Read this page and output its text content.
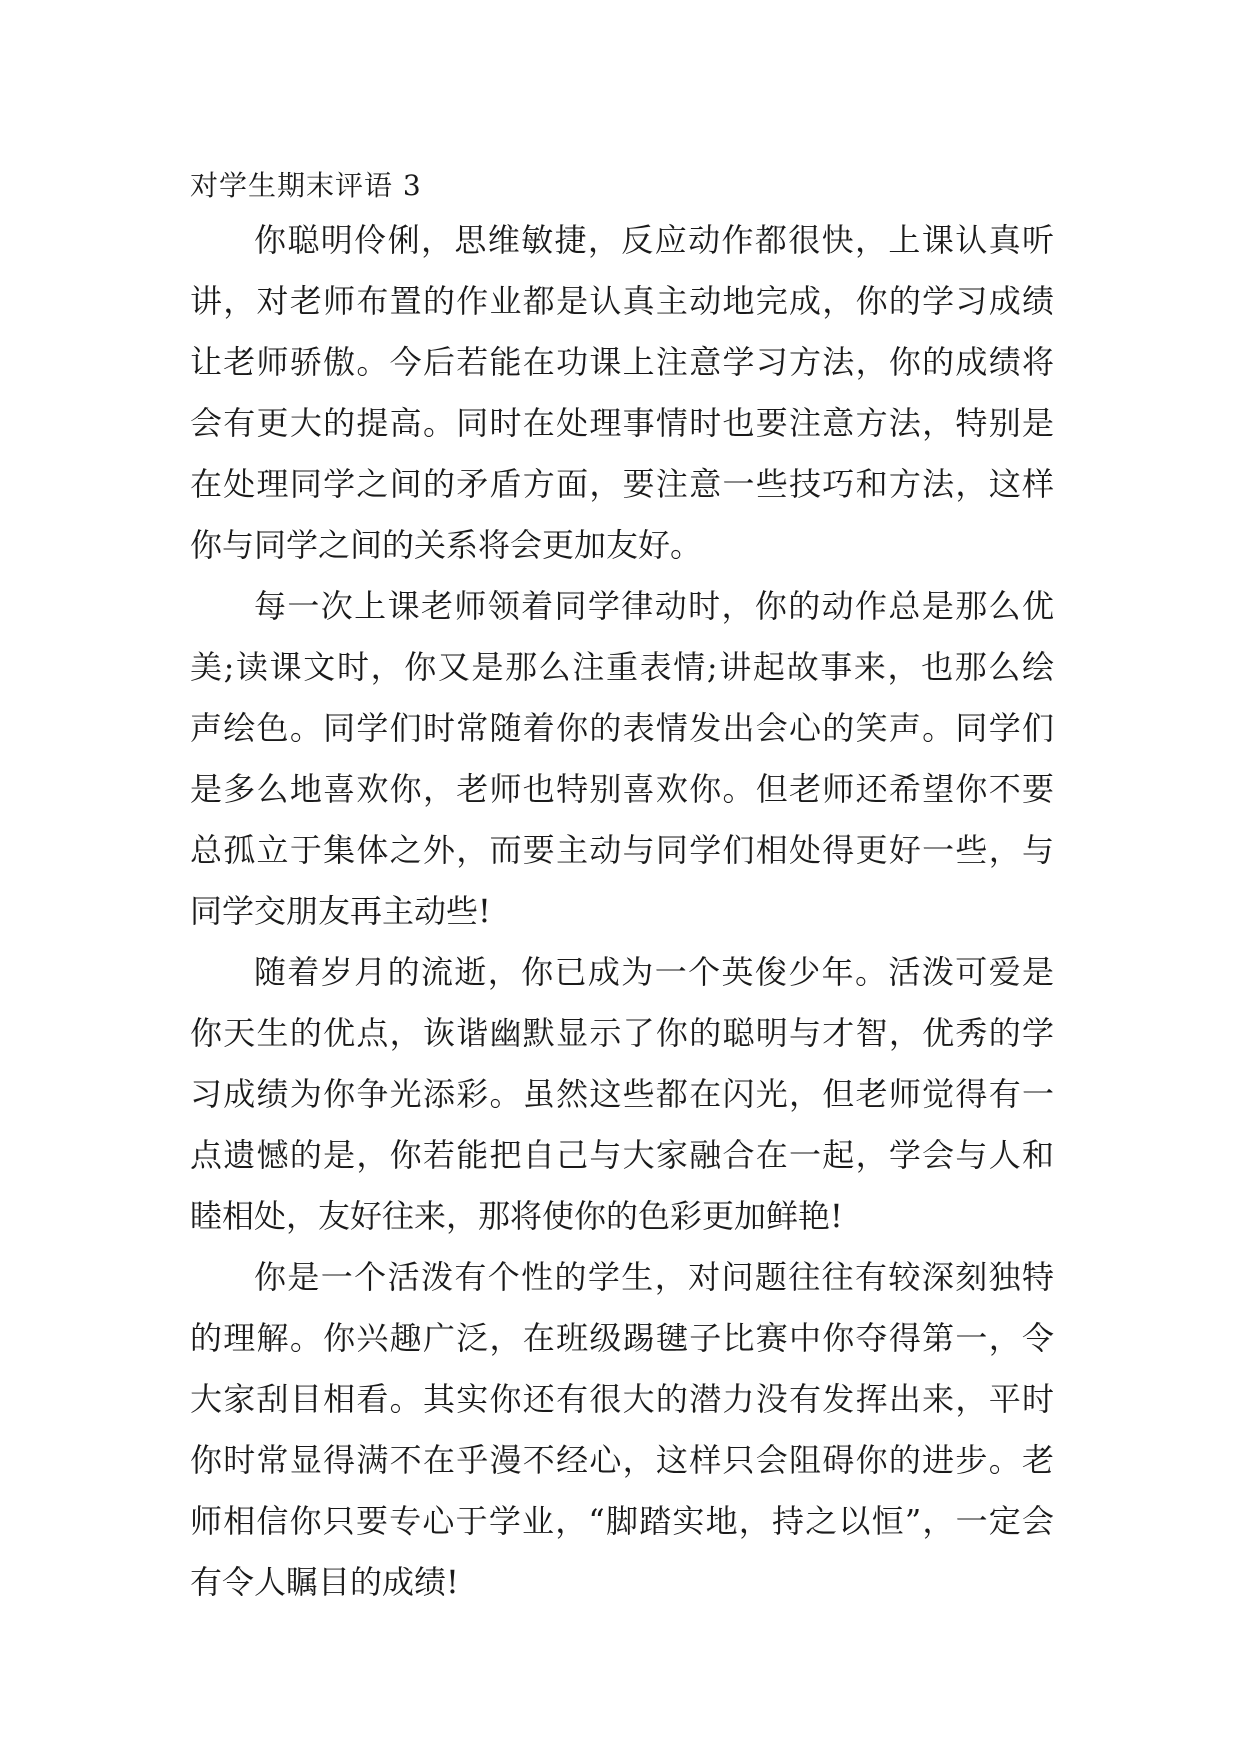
对学生期末评语 3
你聪明伶俐，思维敏捷，反应动作都很快，上课认真听
讲，对老师布置的作业都是认真主动地完成，你的学习成绩
让老师骄傲。今后若能在功课上注意学习方法，你的成绩将
会有更大的提高。同时在处理事情时也要注意方法，特别是
在处理同学之间的矛盾方面，要注意一些技巧和方法，这样
你与同学之间的关系将会更加友好。
每一次上课老师领着同学律动时，你的动作总是那么优
美;读课文时，你又是那么注重表情;讲起故事来，也那么绘
声绘色。同学们时常随着你的表情发出会心的笑声。同学们
是多么地喜欢你，老师也特别喜欢你。但老师还希望你不要
总孤立于集体之外，而要主动与同学们相处得更好一些，与
同学交朋友再主动些!
随着岁月的流逝，你已成为一个英俊少年。活泼可爱是
你天生的优点，诙谐幽默显示了你的聪明与才智，优秀的学
习成绩为你争光添彩。虽然这些都在闪光，但老师觉得有一
点遗憾的是，你若能把自己与大家融合在一起，学会与人和
睦相处，友好往来，那将使你的色彩更加鲜艳!
你是一个活泼有个性的学生，对问题往往有较深刻独特
的理解。你兴趣广泛，在班级踢毽子比赛中你夺得第一，令
大家刮目相看。其实你还有很大的潜力没有发挥出来，平时
你时常显得满不在乎漫不经心，这样只会阻碍你的进步。老
师相信你只要专心于学业，“脚踏实地，持之以恒”，一定会
有令人瞩目的成绩!
